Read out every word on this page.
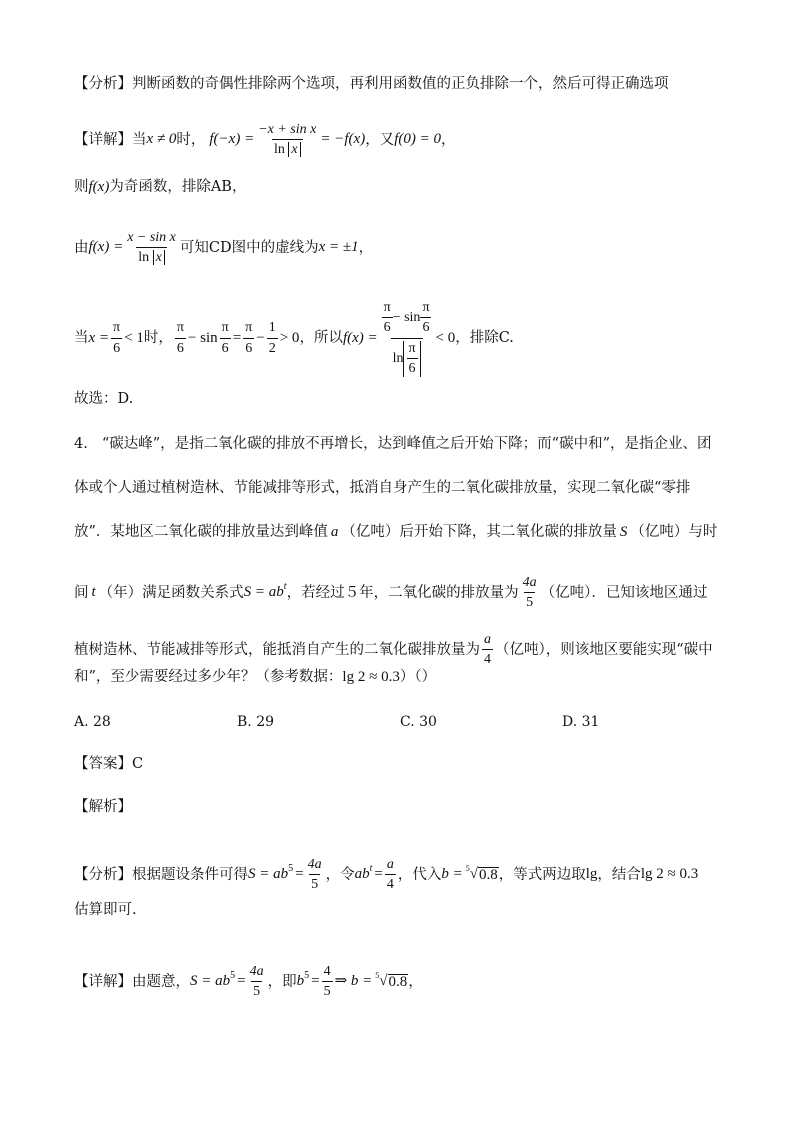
【分析】 判断函数的奇偶性排除两个选项，再利用函数值的正负排除一个，然后可得正确选项
【详解】 当 x ≠ 0 时， $f(-x) = \frac{\text{−x + sin x}}{\text{ln x}} = -f(x)$ ，又 f(0) = 0 ，
则 f(x) 为奇函数，排除AB，
由 $f(x) = \frac{\text{x − sin x}}{\text{ln x}}$ 可知CD图中的虚线为 x = ±1 ，
当 $x = \frac{\pi}{6} < 1$ 时， $\frac{\pi}{6} - \sin \frac{\pi}{6} = \frac{\pi}{6} - \frac{1}{2} > 0$ ，所以 $f(x) = \frac{\frac{\pi}{6} - \sin \frac{\pi}{6}}{\ln \frac{\pi}{6}} < 0$ ，排除C.
故选：D.
4. “碳达峰”，是指二氧化碳的排放不再增长，达到峰值之后开始下降；而“碳中和”，是指企业、团
体或个人通过植树造林、节能减排等形式，抵消自身产生的二氧化碳排放量，实现二氧化碳“零排
放”．某地区二氧化碳的排放量达到峰值 a （亿吨）后开始下降，其二氧化碳的排放量 S （亿吨）与时
间 t （年）满足函数关系式 S = ab t ，若经过５年，二氧化碳的排放量为 $\frac{4a}{5}$ （亿吨）．已知该地区通过
植树造林、节能减排等形式，能抵消自产生的二氧化碳排放量为 $\frac{a}{4}$ （亿吨），则该地区要能实现“碳中
和”，至少需要经过多少年？（参考数据： lg 2 ≈ 0.3 ）（）
A. 28	B. 29	C. 30	D. 31
【答案】 C
【解析】
【分析】 根据题设条件可得 S = ab $5 = \frac{4a}{5}$ ，令 ab $t = \frac{a}{4}$ ，代入 b = 5 √ 0.8 ，等式两边取 lg ，结合 lg 2 ≈ 0.3
估算即可.
【详解】 由题意， S = ab $5 = \frac{4a}{5}$ ，即 b $5 = \frac{4}{5}$ ⇒ b = 5 √ 0.8 ，
